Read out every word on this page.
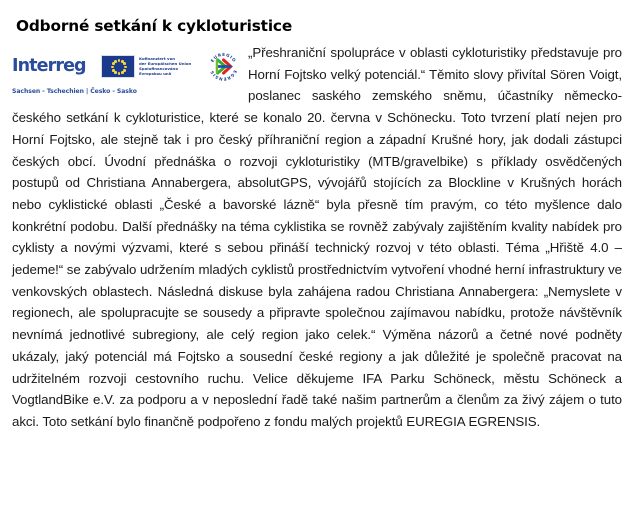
Odborné setkání k cykloturistice
Interreg	Kofinanziert von
der Europäischen Union
Spolufinancováno
Evropskou unií
EUREGIO
EGRENSIS
Sachsen - Tschechien | Česko - Sasko

„Přeshraniční spolupráce v oblasti cykloturistiky představuje pro Horní Fojtsko velký potenciál.“ Těmito slovy přivítal Sören Voigt, poslanec saského zemského sněmu, účastníky německo-českého setkání k cykloturistice, které se konalo 20. června v Schönecku. Toto tvrzení platí nejen pro Horní Fojtsko, ale stejně tak i pro český příhraniční region a západní Krušné hory, jak dodali zástupci českých obcí. Úvodní přednáška o rozvoji cykloturistiky (MTB/gravelbike) s příklady osvědčených postupů od Christiana Annabergera, absolutGPS, vývojářů stojících za Blockline v Krušných horách nebo cyklistické oblasti „České a bavorské lázně“ byla přesně tím pravým, co této myšlence dalo konkrétní podobu. Další přednášky na téma cyklistika se rovněž zabývaly zajištěním kvality nabídek pro cyklisty a novými výzvami, které s sebou přináší technický rozvoj v této oblasti. Téma „Hřiště 4.0 – jedeme!“ se zabývalo udržením mladých cyklistů prostřednictvím vytvoření vhodné herní infrastruktury ve venkovských oblastech. Následná diskuse byla zahájena radou Christiana Annabergera: „Nemyslete v regionech, ale spolupracujte se sousedy a připravte společnou zajímavou nabídku, protože návštěvník nevnímá jednotlivé subregiony, ale celý region jako celek.“ Výměna názorů a četné nové podněty ukázaly, jaký potenciál má Fojtsko a sousední české regiony a jak důležité je společně pracovat na udržitelném rozvoji cestovního ruchu. Velice děkujeme IFA Parku Schöneck, městu Schöneck a VogtlandBike e.V. za podporu a v neposlední řadě také našim partnerům a členům za živý zájem o tuto akci. Toto setkání bylo finančně podpořeno z fondu malých projektů EUREGIA EGRENSIS.
